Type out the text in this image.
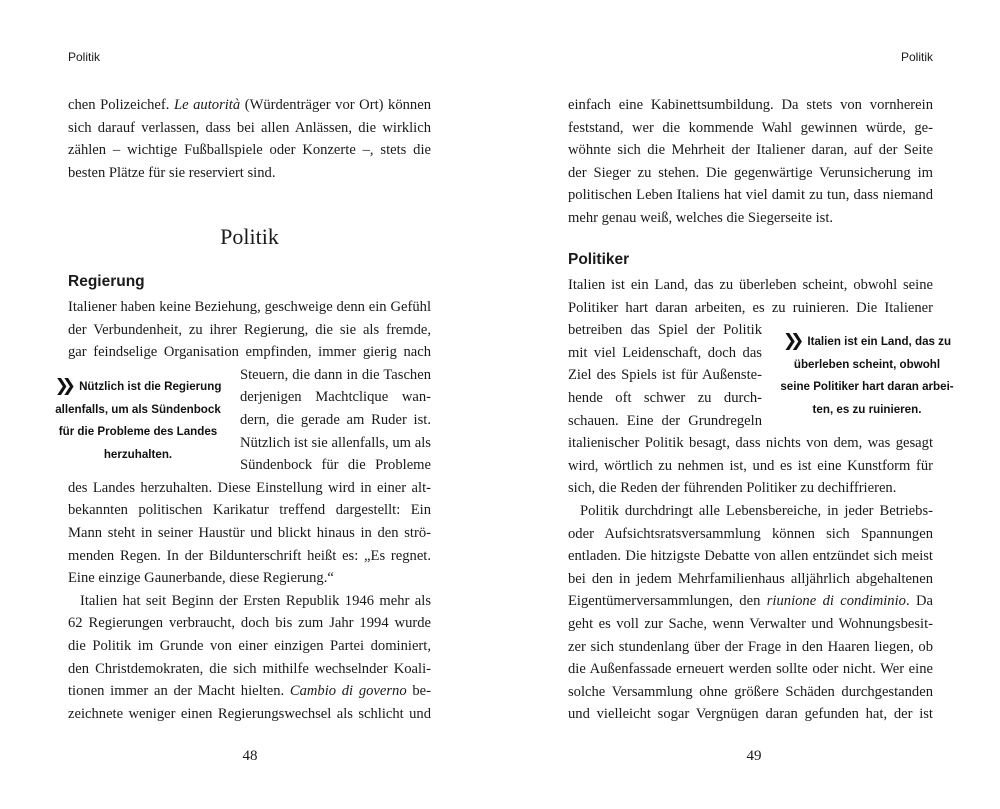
Politik
chen Polizeichef. Le autorità (Würdenträger vor Ort) können
sich darauf verlassen, dass bei allen Anlässen, die wirklich
zählen – wichtige Fußballspiele oder Konzerte –, stets die
besten Plätze für sie reserviert sind.
Politik
Regierung
Italiener haben keine Beziehung, geschweige denn ein Gefühl
der Verbundenheit, zu ihrer Regierung, die sie als fremde,
gar feindselige Organisation empfinden, immer gierig nach
Steuern, die dann in die Taschen
derjenigen Machtclique wan-
dern, die gerade am Ruder ist.
Nützlich ist sie allenfalls, um als
Sündenbock für die Probleme
des Landes herzuhalten. Diese Einstellung wird in einer alt-
bekannten politischen Karikatur treffend dargestellt: Ein
Mann steht in seiner Haustür und blickt hinaus in den strö-
menden Regen. In der Bildunterschrift heißt es: „Es regnet.
Eine einzige Gaunerbande, diese Regierung.“
Italien hat seit Beginn der Ersten Republik 1946 mehr als
62 Regierungen verbraucht, doch bis zum Jahr 1994 wurde
die Politik im Grunde von einer einzigen Partei dominiert,
den Christdemokraten, die sich mithilfe wechselnder Koali-
tionen immer an der Macht hielten. Cambio di governo be-
zeichnete weniger einen Regierungswechsel als schlicht und
❯❯ Nützlich ist die Regierung
allenfalls, um als Sündenbock
für die Probleme des Landes
herzuhalten.
48
Politik
einfach eine Kabinettsumbildung. Da stets von vornherein
feststand, wer die kommende Wahl gewinnen würde, ge-
wöhnte sich die Mehrheit der Italiener daran, auf der Seite
der Sieger zu stehen. Die gegenwärtige Verunsicherung im
politischen Leben Italiens hat viel damit zu tun, dass niemand
mehr genau weiß, welches die Siegerseite ist.
Politiker
Italien ist ein Land, das zu überleben scheint, obwohl seine
Politiker hart daran arbeiten, es zu ruinieren. Die Italiener
betreiben das Spiel der Politik
mit viel Leidenschaft, doch das
Ziel des Spiels ist für Außenste-
hende oft schwer zu durch-
schauen. Eine der Grundregeln
italienischer Politik besagt, dass nichts von dem, was gesagt
wird, wörtlich zu nehmen ist, und es ist eine Kunstform für
sich, die Reden der führenden Politiker zu dechiffrieren.
Politik durchdringt alle Lebensbereiche, in jeder Betriebs-
oder Aufsichtsratsversammlung können sich Spannungen
entladen. Die hitzigste Debatte von allen entzündet sich meist
bei den in jedem Mehrfamilienhaus alljährlich abgehaltenen
Eigentümerversammlungen, den riunione di condiminio. Da
geht es voll zur Sache, wenn Verwalter und Wohnungsbesit-
zer sich stundenlang über der Frage in den Haaren liegen, ob
die Außenfassade erneuert werden sollte oder nicht. Wer eine
solche Versammlung ohne größere Schäden durchgestanden
und vielleicht sogar Vergnügen daran gefunden hat, der ist
❯❯ Italien ist ein Land, das zu
überleben scheint, obwohl
seine Politiker hart daran arbei-
ten, es zu ruinieren.
49
